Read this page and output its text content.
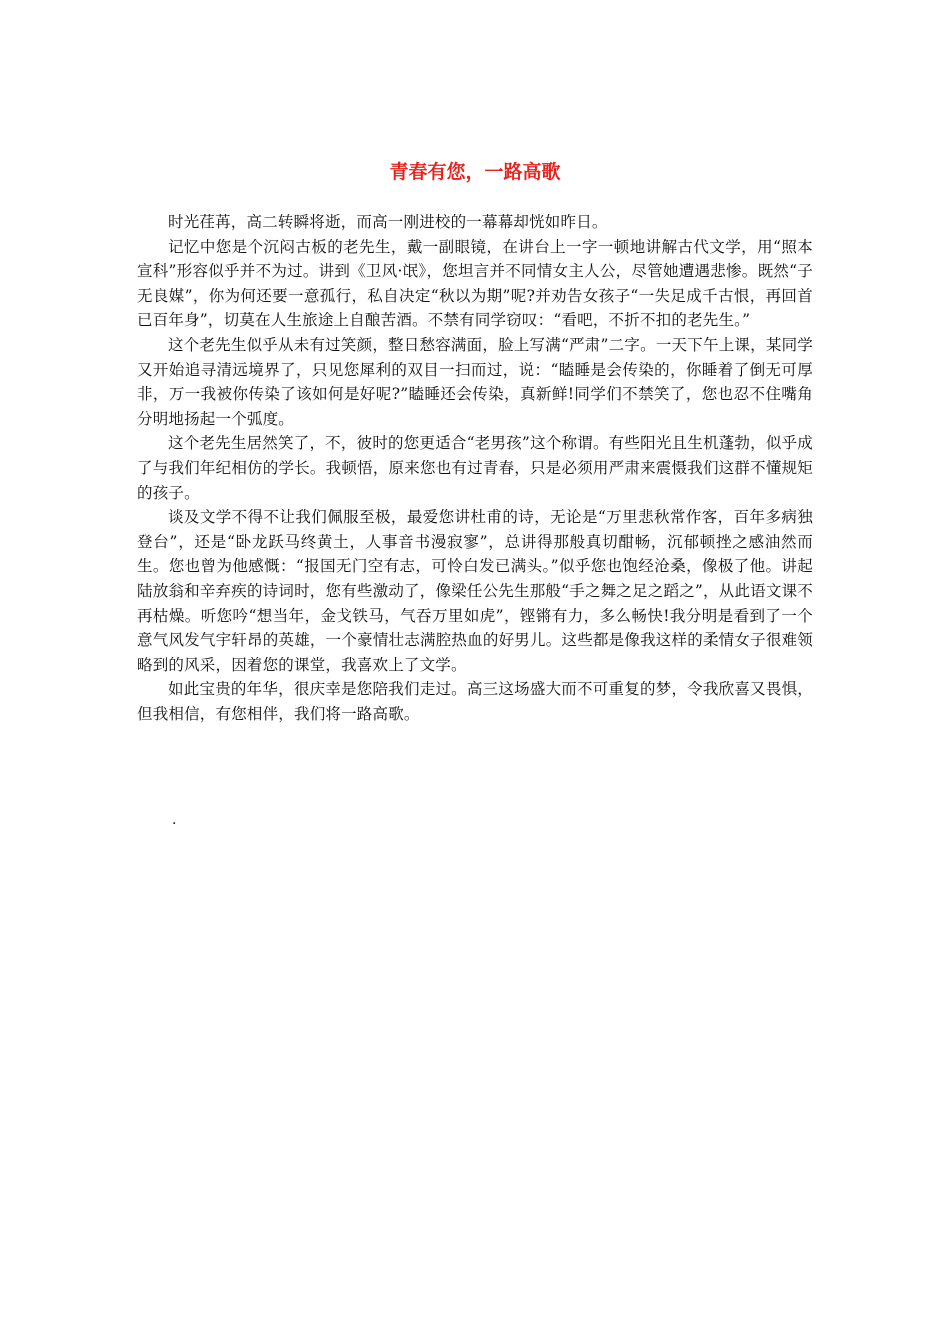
青春有您，一路高歌

时光荏苒，高二转瞬将逝，而高一刚进校的一幕幕却恍如昨日。

记忆中您是个沉闷古板的老先生，戴一副眼镜，在讲台上一字一顿地讲解古代文学，用“照本宣科”形容似乎并不为过。讲到《卫风·氓》，您坦言并不同情女主人公，尽管她遭遇悲惨。既然“子无良媒”，你为何还要一意孤行，私自决定“秋以为期”呢?并劝告女孩子“一失足成千古恨，再回首已百年身”，切莫在人生旅途上自酿苦酒。不禁有同学窃叹：“看吧，不折不扣的老先生。”

这个老先生似乎从未有过笑颜，整日愁容满面，脸上写满“严肃”二字。一天下午上课，某同学又开始追寻清远境界了，只见您犀利的双目一扫而过，说：“瞌睡是会传染的，你睡着了倒无可厚非，万一我被你传染了该如何是好呢?”瞌睡还会传染，真新鲜!同学们不禁笑了，您也忍不住嘴角分明地扬起一个弧度。

这个老先生居然笑了，不，彼时的您更适合“老男孩”这个称谓。有些阳光且生机蓬勃，似乎成了与我们年纪相仿的学长。我顿悟，原来您也有过青春，只是必须用严肃来震慑我们这群不懂规矩的孩子。

谈及文学不得不让我们佩服至极，最爱您讲杜甫的诗，无论是“万里悲秋常作客，百年多病独登台”，还是“卧龙跃马终黄土，人事音书漫寂寥”，总讲得那般真切酣畅，沉郁顿挫之感油然而生。您也曾为他感慨：“报国无门空有志，可怜白发已满头。”似乎您也饱经沧桑，像极了他。讲起陆放翁和辛弃疾的诗词时，您有些激动了，像梁任公先生那般“手之舞之足之蹈之”，从此语文课不再枯燥。听您吟“想当年，金戈铁马，气吞万里如虎”，铿锵有力，多么畅快!我分明是看到了一个意气风发气宇轩昂的英雄，一个豪情壮志满腔热血的好男儿。这些都是像我这样的柔情女子很难领略到的风采，因着您的课堂，我喜欢上了文学。

如此宝贵的年华，很庆幸是您陪我们走过。高三这场盛大而不可重复的梦，令我欣喜又畏惧，但我相信，有您相伴，我们将一路高歌。

.
